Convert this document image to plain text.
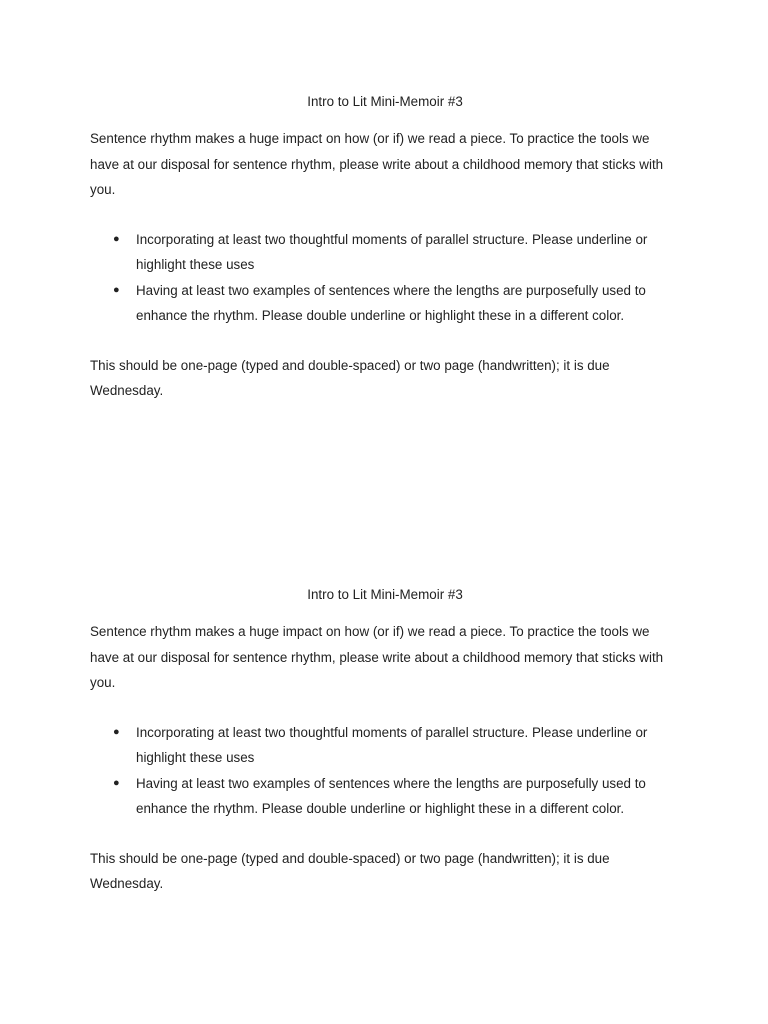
Intro to Lit Mini-Memoir #3

Sentence rhythm makes a huge impact on how (or if) we read a piece. To practice the tools we have at our disposal for sentence rhythm, please write about a childhood memory that sticks with you.

● Incorporating at least two thoughtful moments of parallel structure. Please underline or highlight these uses
● Having at least two examples of sentences where the lengths are purposefully used to enhance the rhythm. Please double underline or highlight these in a different color.

This should be one-page (typed and double-spaced) or two page (handwritten); it is due Wednesday.

Intro to Lit Mini-Memoir #3

Sentence rhythm makes a huge impact on how (or if) we read a piece. To practice the tools we have at our disposal for sentence rhythm, please write about a childhood memory that sticks with you.

● Incorporating at least two thoughtful moments of parallel structure. Please underline or highlight these uses
● Having at least two examples of sentences where the lengths are purposefully used to enhance the rhythm. Please double underline or highlight these in a different color.

This should be one-page (typed and double-spaced) or two page (handwritten); it is due Wednesday.
